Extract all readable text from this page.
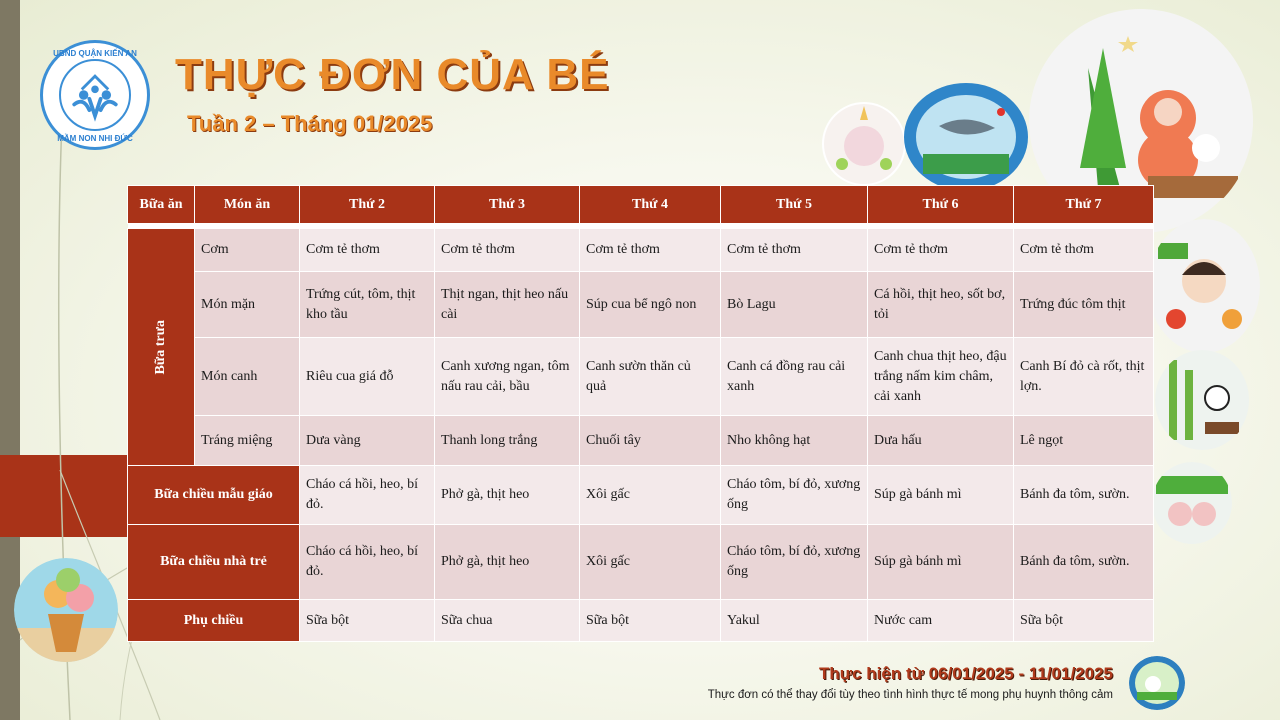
UBND QUẬN KIẾN AN
MẦM NON NHI ĐỨC
THỰC ĐƠN CỦA BÉ
Tuần 2 – Tháng 01/2025
Bữa ăn	Món ăn	Thứ 2	Thứ 3	Thứ 4	Thứ 5	Thứ 6	Thứ 7

Bữa trưa	Cơm	Cơm tẻ thơm	Cơm tẻ thơm	Cơm tẻ thơm	Cơm tẻ thơm	Cơm tẻ thơm	Cơm tẻ thơm
	Món mặn	Trứng cút, tôm, thịt kho tầu	Thịt ngan, thịt heo nấu cài	Súp cua bể ngô non	Bò Lagu	Cá hồi, thịt heo, sốt bơ, tỏi	Trứng đúc tôm thịt
	Món canh	Riêu cua giá đỗ	Canh xương ngan, tôm nấu rau cải, bầu	Canh sườn thăn củ quả	Canh cá đồng rau cải xanh	Canh chua thịt heo, đậu trắng nấm kim châm, cải xanh	Canh Bí đỏ cà rốt, thịt lợn.
	Tráng miệng	Dưa vàng	Thanh long trắng	Chuối tây	Nho không hạt	Dưa hấu	Lê ngọt
Bữa chiều mẫu giáo		Cháo cá hồi, heo, bí đỏ.	Phở gà, thịt heo	Xôi gấc	Cháo tôm, bí đỏ, xương ống	Súp gà bánh mì	Bánh đa tôm, sườn.
Bữa chiều nhà trẻ		Cháo cá hồi, heo, bí đỏ.	Phở gà, thịt heo	Xôi gấc	Cháo tôm, bí đỏ, xương ống	Súp gà bánh mì	Bánh đa tôm, sườn.
Phụ chiều		Sữa bột	Sữa chua	Sữa bột	Yakul	Nước cam	Sữa bột
Thực hiện từ 06/01/2025 - 11/01/2025
Thực đơn có thể thay đổi tùy theo tình hình thực tế mong phụ huynh thông cảm
